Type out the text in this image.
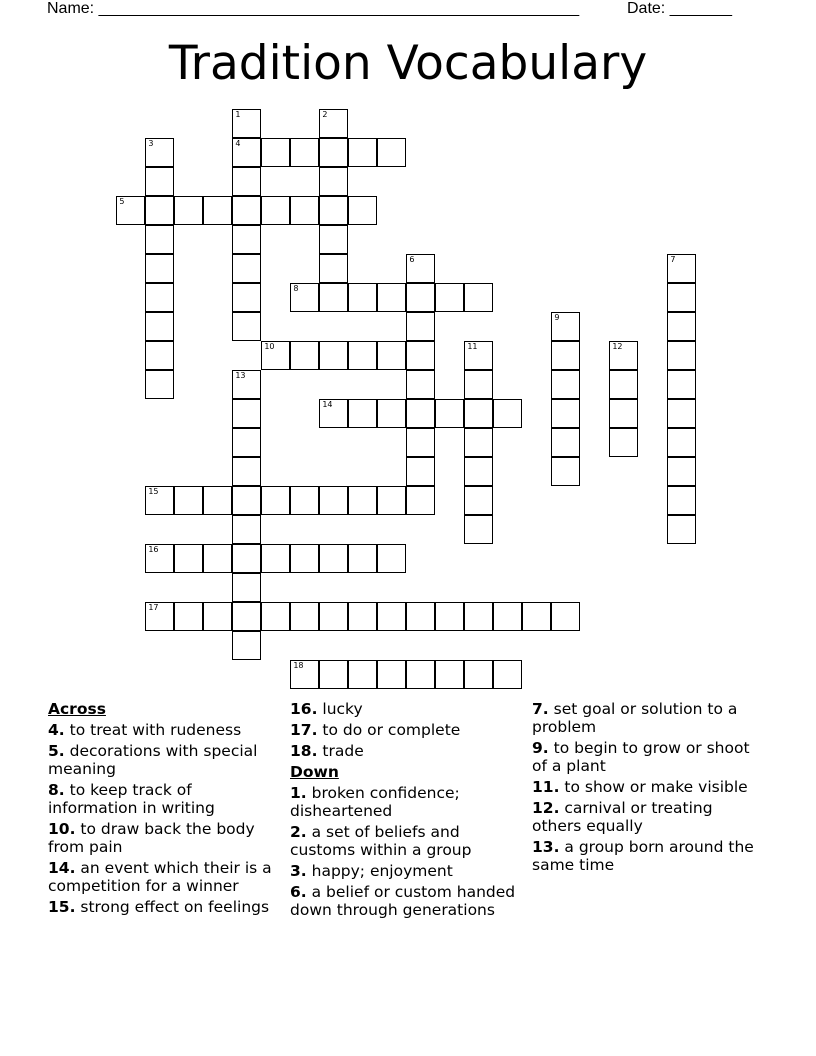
Name: ______________________________________________________	Date: _______
Tradition Vocabulary
4
5
8
10
14
15
16
17
18
1	2
3
6	7
9
11	12
13
Across
4. to treat with rudeness
5. decorations with special meaning
8. to keep track of information in writing
10. to draw back the body from pain
14. an event which their is a competition for a winner
15. strong effect on feelings
16. lucky
17. to do or complete
18. trade
Down
1. broken confidence; disheartened
2. a set of beliefs and customs within a group
3. happy; enjoyment
6. a belief or custom handed down through generations
7. set goal or solution to a problem
9. to begin to grow or shoot of a plant
11. to show or make visible
12. carnival or treating others equally
13. a group born around the same time
